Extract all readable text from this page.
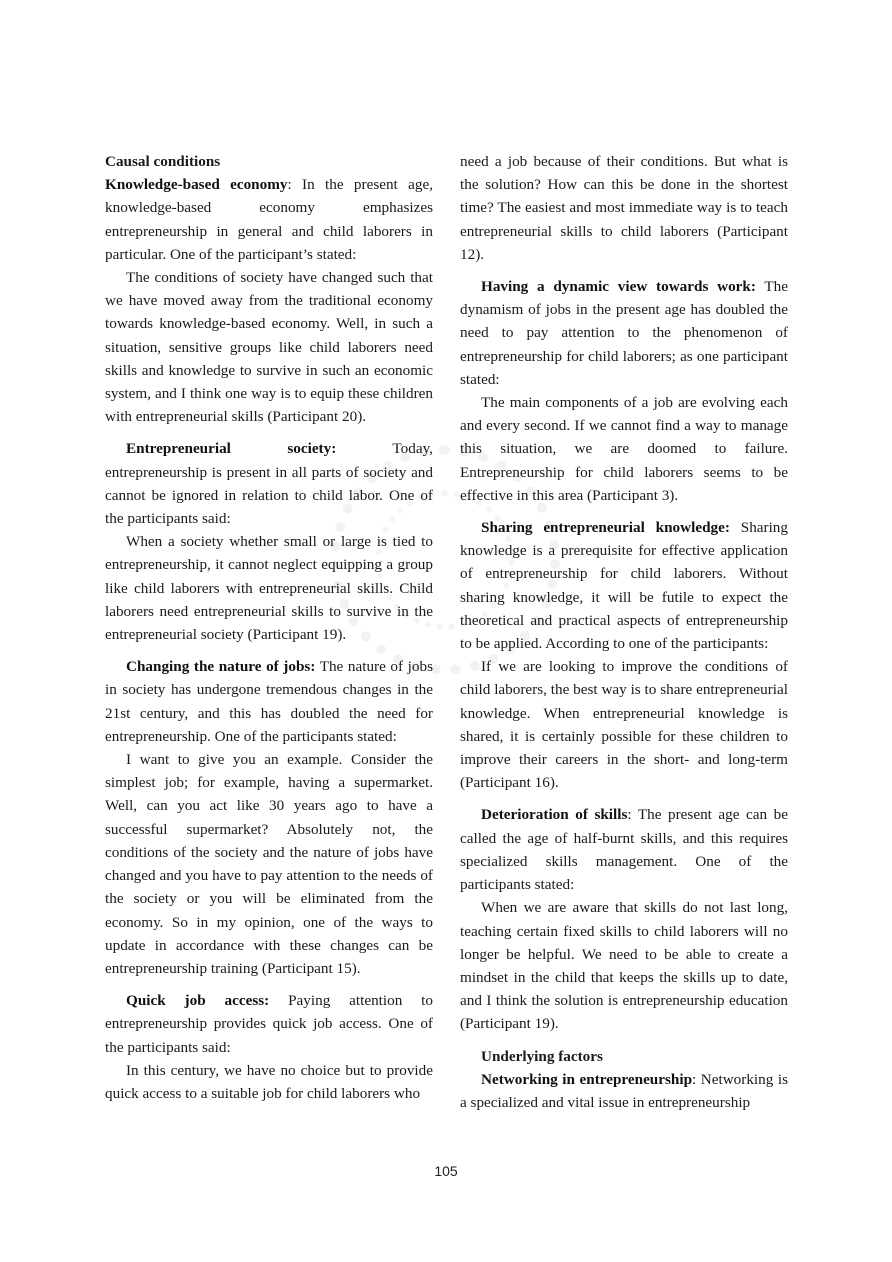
Causal conditions

Knowledge-based economy: In the present age, knowledge-based economy emphasizes entrepreneurship in general and child laborers in particular. One of the participant’s stated:

The conditions of society have changed such that we have moved away from the traditional economy towards knowledge-based economy. Well, in such a situation, sensitive groups like child laborers need skills and knowledge to survive in such an economic system, and I think one way is to equip these children with entrepreneurial skills (Participant 20).

Entrepreneurial society: Today, entrepreneurship is present in all parts of society and cannot be ignored in relation to child labor. One of the participants said:

When a society whether small or large is tied to entrepreneurship, it cannot neglect equipping a group like child laborers with entrepreneurial skills. Child laborers need entrepreneurial skills to survive in the entrepreneurial society (Participant 19).

Changing the nature of jobs: The nature of jobs in society has undergone tremendous changes in the 21st century, and this has doubled the need for entrepreneurship. One of the participants stated:

I want to give you an example. Consider the simplest job; for example, having a supermarket. Well, can you act like 30 years ago to have a successful supermarket? Absolutely not, the conditions of the society and the nature of jobs have changed and you have to pay attention to the needs of the society or you will be eliminated from the economy. So in my opinion, one of the ways to update in accordance with these changes can be entrepreneurship training (Participant 15).

Quick job access: Paying attention to entrepreneurship provides quick job access. One of the participants said:

In this century, we have no choice but to provide quick access to a suitable job for child laborers who

need a job because of their conditions. But what is the solution? How can this be done in the shortest time? The easiest and most immediate way is to teach entrepreneurial skills to child laborers (Participant 12).

Having a dynamic view towards work: The dynamism of jobs in the present age has doubled the need to pay attention to the phenomenon of entrepreneurship for child laborers; as one participant stated:

The main components of a job are evolving each and every second. If we cannot find a way to manage this situation, we are doomed to failure. Entrepreneurship for child laborers seems to be effective in this area (Participant 3).

Sharing entrepreneurial knowledge: Sharing knowledge is a prerequisite for effective application of entrepreneurship for child laborers. Without sharing knowledge, it will be futile to expect the theoretical and practical aspects of entrepreneurship to be applied. According to one of the participants:

If we are looking to improve the conditions of child laborers, the best way is to share entrepreneurial knowledge. When entrepreneurial knowledge is shared, it is certainly possible for these children to improve their careers in the short- and long-term (Participant 16).

Deterioration of skills: The present age can be called the age of half-burnt skills, and this requires specialized skills management. One of the participants stated:

When we are aware that skills do not last long, teaching certain fixed skills to child laborers will no longer be helpful. We need to be able to create a mindset in the child that keeps the skills up to date, and I think the solution is entrepreneurship education (Participant 19).

Underlying factors

Networking in entrepreneurship: Networking is a specialized and vital issue in entrepreneurship

105
